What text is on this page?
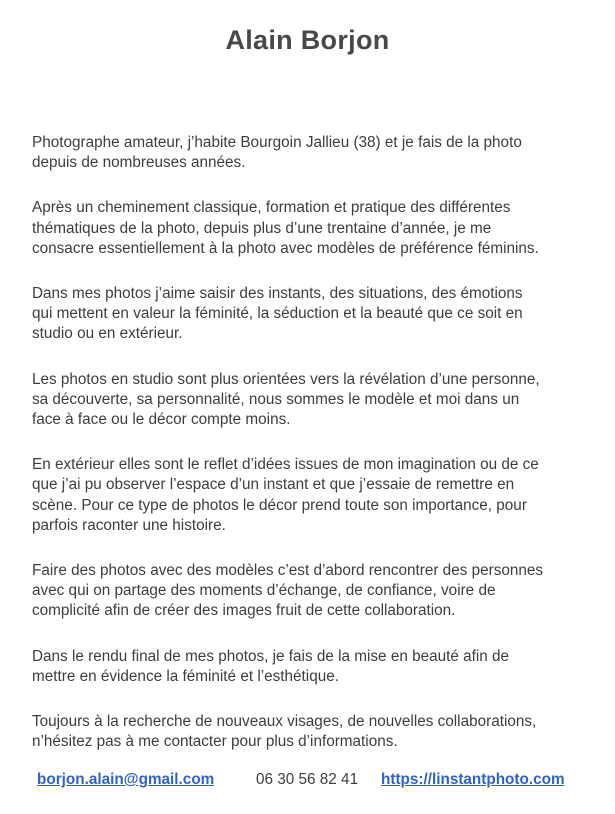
Alain Borjon

Photographe amateur, j’habite Bourgoin Jallieu (38) et je fais de la photo
depuis de nombreuses années.

Après un cheminement classique, formation et pratique des différentes
thématiques de la photo, depuis plus d’une trentaine d’année, je me
consacre essentiellement à la photo avec modèles de préférence féminins.

Dans mes photos j’aime saisir des instants, des situations, des émotions
qui mettent en valeur la féminité, la séduction et la beauté que ce soit en
studio ou en extérieur.

Les photos en studio sont plus orientées vers la révélation d’une personne,
sa découverte, sa personnalité, nous sommes le modèle et moi dans un
face à face ou le décor compte moins.

En extérieur elles sont le reflet d’idées issues de mon imagination ou de ce
que j’ai pu observer l’espace d’un instant et que j’essaie de remettre en
scène. Pour ce type de photos le décor prend toute son importance, pour
parfois raconter une histoire.

Faire des photos avec des modèles c’est d’abord rencontrer des personnes
avec qui on partage des moments d’échange, de confiance, voire de
complicité afin de créer des images fruit de cette collaboration.

Dans le rendu final de mes photos, je fais de la mise en beauté afin de
mettre en évidence la féminité et l’esthétique.

Toujours à la recherche de nouveaux visages, de nouvelles collaborations,
n’hésitez pas à me contacter pour plus d’informations.

borjon.alain@gmail.com	06 30 56 82 41 https://linstantphoto.com
